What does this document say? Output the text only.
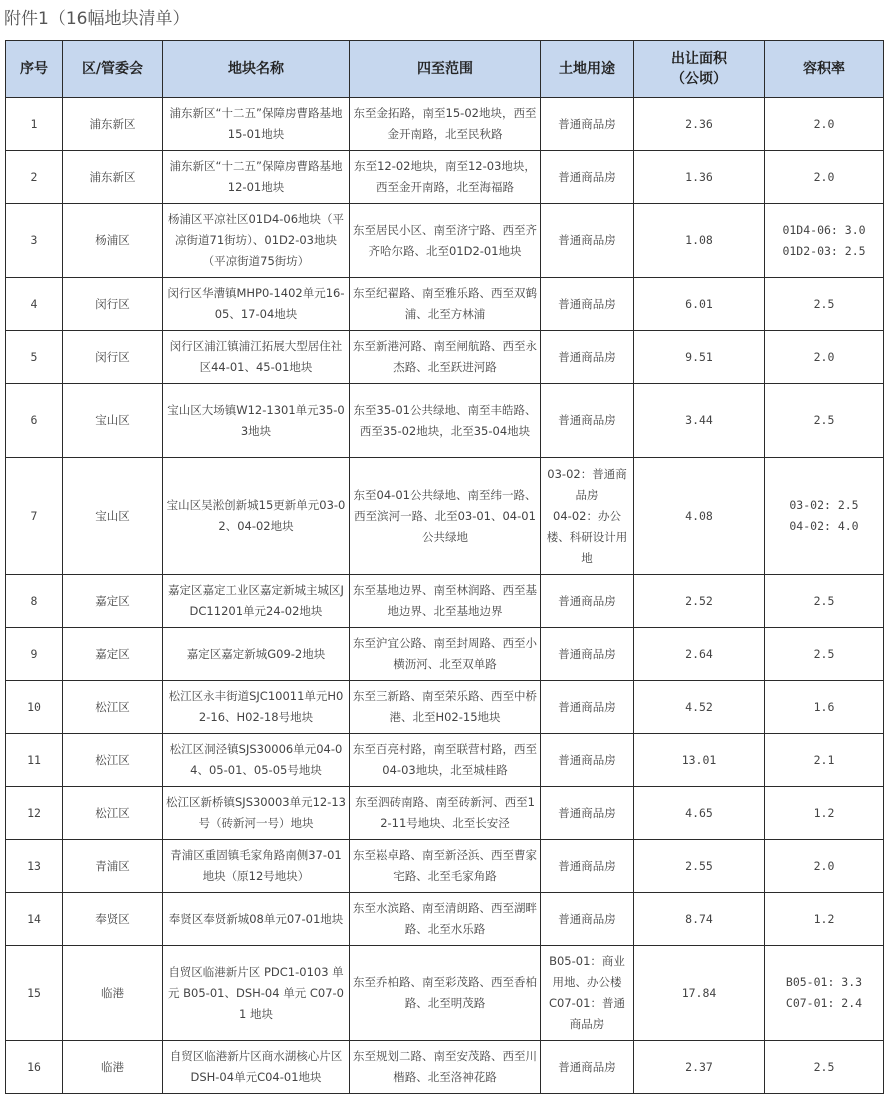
附件1（16幅地块清单）
序号	区/管委会	地块名称	四至范围	土地用途	出让面积
（公顷）	容积率
1	浦东新区	浦东新区“十二五”保障房曹路基地15-01地块	东至金拓路，南至15-02地块，西至金开南路，北至民秋路	普通商品房	2.36	2.0
2	浦东新区	浦东新区“十二五”保障房曹路基地12-01地块	东至12-02地块，南至12-03地块，西至金开南路，北至海福路	普通商品房	1.36	2.0
3	杨浦区	杨浦区平凉社区01D4-06地块（平凉街道71街坊）、01D2-03地块（平凉街道75街坊）	东至居民小区、南至济宁路、西至齐齐哈尔路、北至01D2-01地块	普通商品房	1.08	01D4-06: 3.0
01D2-03: 2.5
4	闵行区	闵行区华漕镇MHP0-1402单元16-05、17-04地块	东至纪翟路、南至雅乐路、西至双鹤浦、北至方林浦	普通商品房	6.01	2.5
5	闵行区	闵行区浦江镇浦江拓展大型居住社区44-01、45-01地块	东至新港河路、南至闸航路、西至永杰路、北至跃进河路	普通商品房	9.51	2.0
6	宝山区	宝山区大场镇W12-1301单元35-03地块	东至35-01公共绿地、南至丰皓路、西至35-02地块，北至35-04地块	普通商品房	3.44	2.5
7	宝山区	宝山区吴淞创新城15更新单元03-02、04-02地块	东至04-01公共绿地、南至纬一路、西至滨河一路、北至03-01、04-01公共绿地	03-02：普通商品房
04-02：办公楼、科研设计用地	4.08	03-02: 2.5
04-02: 4.0
8	嘉定区	嘉定区嘉定工业区嘉定新城主城区JDC11201单元24-02地块	东至基地边界、南至林润路、西至基地边界、北至基地边界	普通商品房	2.52	2.5
9	嘉定区	嘉定区嘉定新城G09-2地块	东至沪宜公路、南至封周路、西至小横沥河、北至双单路	普通商品房	2.64	2.5
10	松江区	松江区永丰街道SJC10011单元H02-16、H02-18号地块	东至三新路、南至荣乐路、西至中桥港、北至H02-15地块	普通商品房	4.52	1.6
11	松江区	松江区洞泾镇SJS30006单元04-04、05-01、05-05号地块	东至百亮村路，南至联营村路，西至04-03地块，北至城桂路	普通商品房	13.01	2.1
12	松江区	松江区新桥镇SJS30003单元12-13号（砖新河一号）地块	东至泗砖南路、南至砖新河、西至12-11号地块、北至长安泾	普通商品房	4.65	1.2
13	青浦区	青浦区重固镇毛家角路南侧37-01地块（原12号地块）	东至崧卓路、南至新泾浜、西至曹家宅路、北至毛家角路	普通商品房	2.55	2.0
14	奉贤区	奉贤区奉贤新城08单元07-01地块	东至水滨路、南至清朗路、西至湖畔路、北至水乐路	普通商品房	8.74	1.2
15	临港	自贸区临港新片区 PDC1-0103 单元 B05-01、DSH-04 单元 C07-01 地块	东至乔柏路、南至彩茂路、西至香柏路、北至明茂路	B05-01：商业用地、办公楼
C07-01：普通商品房	17.84	B05-01: 3.3
C07-01: 2.4
16	临港	自贸区临港新片区商水湖核心片区DSH-04单元C04-01地块	东至规划二路、南至安茂路、西至川楷路、北至洛神花路	普通商品房	2.37	2.5
